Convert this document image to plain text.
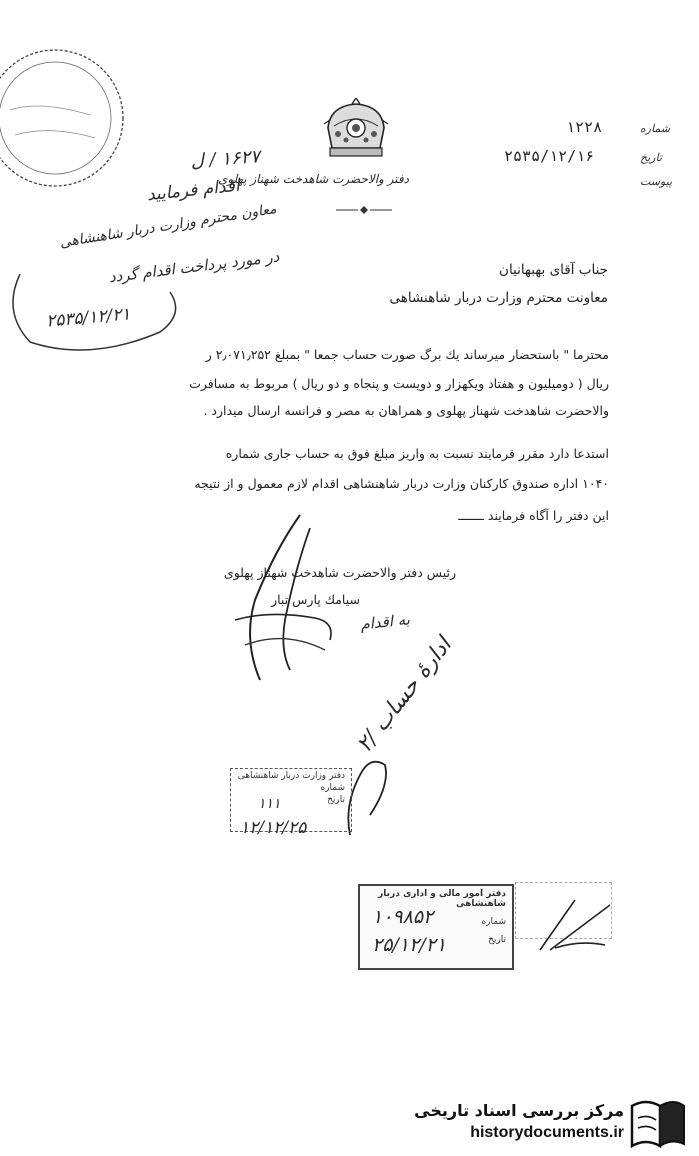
دفتر والاحضرت شاهدخت شهناز پهلوی
شماره
تاریخ
پیوست
۱۲۲۸
۲۵۳۵/۱۲/۱۶
۱۶۲۷ / ل
اقدام فرمایید
معاون محترم وزارت دربار شاهنشاهی
در مورد پرداخت اقدام گردد
۲۵۳۵/۱۲/۲۱
جناب آقای بهبهانیان
معاونت محترم وزارت دربار شاهنشاهی
محترما " باستحضار میرساند یك برگ صورت حساب جمعا " بمبلغ ۲٫۰۷۱٫۲۵۲ ر
ریال ( دومیلیون و هفتاد ویکهزار و دویست و پنجاه و دو ریال ) مربوط به مسافرت
والاحضرت شاهدخت شهناز پهلوی و همراهان به مصر و فرانسه ارسال میدارد .
استدعا دارد مقرر فرمایند نسبت به واریز مبلغ فوق به حساب جاری شماره
۱۰۴۰ اداره صندوق کارکنان وزارت دربار شاهنشاهی اقدام لازم معمول و از نتیجه
این دفتر را آگاه فرمایند ـــــــ
رئیس دفتر والاحضرت شاهدخت شهناز پهلوی
سیامك پارس تبار
به اقدام
۲/ ادارهٔ حساب
دفتر وزارت دربار شاهنشاهی
شماره
تاریخ
۱۱۱
۱۲/۱۲/۲۵
دفتر امور مالی و اداری دربار شاهنشاهی
شماره
تاریخ
۱۰۹۸۵۲
۲۵/۱۲/۲۱
مرکز بررسی اسناد تاریخی
historydocuments.ir
